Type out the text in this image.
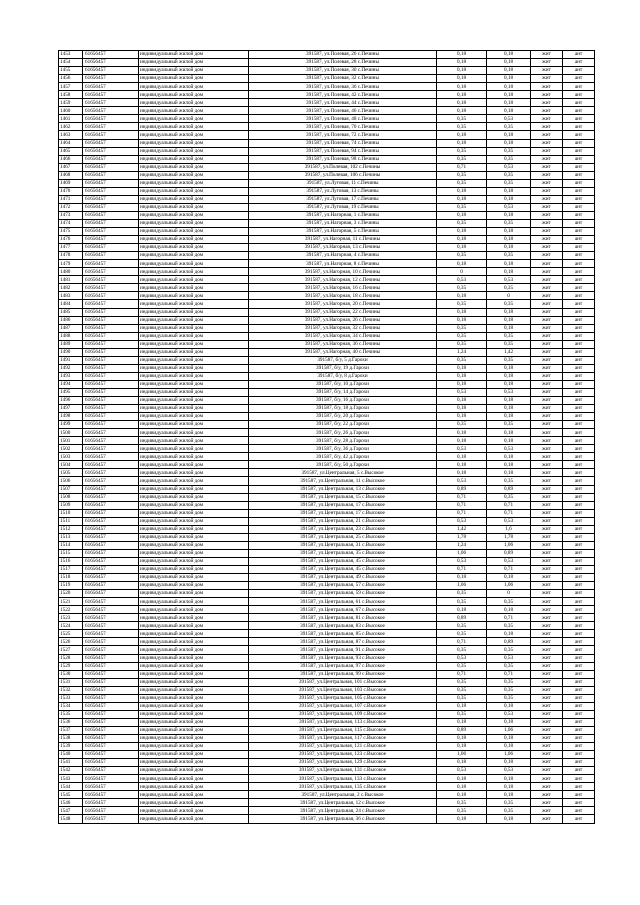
1453	61656457	индивидуальный жилой дом	391587, ул.Полевая, 26 с.Печины	0,18	0,18	жит	ант
1454	61656457	индивидуальный жилой дом	391587, ул.Полевая, 28 с.Печины	0,18	0,18	жит	ант
1455	61656457	индивидуальный жилой дом	391587, ул.Полевая, 30 с.Печины	0,18	0,18	жит	ант
1456	61656457	индивидуальный жилой дом	391587, ул.Полевая, 32 с.Печины	0,18	0,18	жит	ант
1457	61656457	индивидуальный жилой дом	391587, ул.Полевая, 36 с.Печины	0,18	0,18	жит	ант
1458	61656457	индивидуальный жилой дом	391587, ул.Полевая, 42 с.Печины	0,18	0,18	жит	ант
1459	61656457	индивидуальный жилой дом	391587, ул.Полевая, 44 с.Печины	0,18	0,18	жит	ант
1460	61656457	индивидуальный жилой дом	391587, ул.Полевая, 46 с.Печины	0,18	0,18	жит	ант
1461	61656457	индивидуальный жилой дом	391587, ул.Полевая, 48 с.Печины	0,35	0,53	жит	ант
1462	61656457	индивидуальный жилой дом	391587, ул.Полевая, 70 с.Печины	0,35	0,35	жит	ант
1463	61656457	индивидуальный жилой дом	391587, ул.Полевая, 72 с.Печины	0,18	0,18	жит	ант
1464	61656457	индивидуальный жилой дом	391587, ул.Полевая, 74 с.Печины	0,18	0,18	жит	ант
1465	61656457	индивидуальный жилой дом	391587, ул.Полевая, 94 с.Печины	0,35	0,35	жит	ант
1466	61656457	индивидуальный жилой дом	391587, ул.Полевая, 98 с.Печины	0,35	0,35	жит	ант
1467	61656457	индивидуальный жилой дом	391587, ул.Полевая, 102 с.Печины	0,71	0,53	жит	ант
1468	61656457	индивидуальный жилой дом	391587, ул.Полевая, 106 с.Печины	0,35	0,35	жит	ант
1469	61656457	индивидуальный жилой дом	391587, ул.Луговая, 11 с.Печины	0,35	0,35	жит	ант
1470	61656457	индивидуальный жилой дом	391587, ул.Луговая, 13 с.Печины	0,18	0,18	жит	ант
1471	61656457	индивидуальный жилой дом	391587, ул.Луговая, 17 с.Печины	0,18	0,18	жит	ант
1472	61656457	индивидуальный жилой дом	391587, ул.Луговая, 19 с.Печины	0,35	0,53	жит	ант
1473	61656457	индивидуальный жилой дом	391587, ул.Нагорная, 1 с.Печины	0,18	0,18	жит	ант
1474	61656457	индивидуальный жилой дом	391587, ул.Нагорная, 3 с.Печины	0,35	0,35	жит	ант
1475	61656457	индивидуальный жилой дом	391587, ул.Нагорная, 5 с.Печины	0,18	0,18	жит	ант
1476	61656457	индивидуальный жилой дом	391587, ул.Нагорная, 11 с.Печины	0,18	0,18	жит	ант
1477	61656457	индивидуальный жилой дом	391587, ул.Нагорная, 13 с.Печины	0,18	0,18	жит	ант
1478	61656457	индивидуальный жилой дом	391587, ул.Нагорная, 4 с.Печины	0,35	0,35	жит	ант
1479	61656457	индивидуальный жилой дом	391587, ул.Нагорная, 8 с.Печины	0,18	0,18	жит	ант
1480	61656457	индивидуальный жилой дом	391587, ул.Нагорная, 10 с.Печины	0	0,18	жит	ант
1481	61656457	индивидуальный жилой дом	391587, ул.Нагорная, 12 с.Печины	0,53	0,53	жит	ант
1482	61656457	индивидуальный жилой дом	391587, ул.Нагорная, 16 с.Печины	0,35	0,35	жит	ант
1483	61656457	индивидуальный жилой дом	391587, ул.Нагорная, 18 с.Печины	0,18	0	жит	ант
1484	61656457	индивидуальный жилой дом	391587, ул.Нагорная, 20 с.Печины	0,35	0,35	жит	ант
1485	61656457	индивидуальный жилой дом	391587, ул.Нагорная, 22 с.Печины	0,18	0,18	жит	ант
1486	61656457	индивидуальный жилой дом	391587, ул.Нагорная, 26 с.Печины	0,18	0,18	жит	ант
1487	61656457	индивидуальный жилой дом	391587, ул.Нагорная, 32 с.Печины	0,35	0,18	жит	ант
1488	61656457	индивидуальный жилой дом	391587, ул.Нагорная, 34 с.Печины	0,35	0,35	жит	ант
1489	61656457	индивидуальный жилой дом	391587, ул.Нагорная, 36 с.Печины	0,35	0,35	жит	ант
1490	61656457	индивидуальный жилой дом	391587, ул.Нагорная, 40 с.Печины	1,24	1,42	жит	ант
1491	61656457	индивидуальный жилой дом	391587, б/у, 5 д.Гарохи	0,35	0,35	жит	ант
1492	61656457	индивидуальный жилой дом	391587, б/у, 19 д.Гарохи	0,18	0,18	жит	ант
1493	61656457	индивидуальный жилой дом	391587, б/у, 8 д.Гарохи	0,18	0,18	жит	ант
1494	61656457	индивидуальный жилой дом	391587, б/у, 10 д.Гарохи	0,18	0,18	жит	ант
1495	61656457	индивидуальный жилой дом	391587, б/у, 14 д.Гарохи	0,53	0,53	жит	ант
1496	61656457	индивидуальный жилой дом	391587, б/у, 16 д.Гарохи	0,18	0,18	жит	ант
1497	61656457	индивидуальный жилой дом	391587, б/у, 18 д.Гарохи	0,18	0,18	жит	ант
1498	61656457	индивидуальный жилой дом	391587, б/у, 20 д.Гарохи	0,18	0,18	жит	ант
1499	61656457	индивидуальный жилой дом	391587, б/у, 22 д.Гарохи	0,35	0,35	жит	ант
1500	61656457	индивидуальный жилой дом	391587, б/у, 26 д.Гарохи	0,18	0,18	жит	ант
1501	61656457	индивидуальный жилой дом	391587, б/у, 28 д.Гарохи	0,18	0,18	жит	ант
1502	61656457	индивидуальный жилой дом	391587, б/у, 36 д.Гарохи	0,53	0,53	жит	ант
1503	61656457	индивидуальный жилой дом	391587, б/у, 42 д.Гарохи	0,18	0,18	жит	ант
1504	61656457	индивидуальный жилой дом	391587, б/у, 50 д.Гарохи	0,18	0,18	жит	ант
1505	61656457	индивидуальный жилой дом	391587, ул.Центральная, 5 с.Высокое	0,18	0,18	жит	ант
1506	61656457	индивидуальный жилой дом	391587, ул.Центральная, 11 с.Высокое	0,53	0,35	жит	ант
1507	61656457	индивидуальный жилой дом	391587, ул.Центральная, 13 с.Высокое	0,89	0,89	жит	ант
1508	61656457	индивидуальный жилой дом	391587, ул.Центральная, 15 с.Высокое	0,71	0,35	жит	ант
1509	61656457	индивидуальный жилой дом	391587, ул.Центральная, 17 с.Высокое	0,71	0,71	жит	ант
1510	61656457	индивидуальный жилой дом	391587, ул.Центральная, 17 с.Высокое	0,71	0,71	жит	ант
1511	61656457	индивидуальный жилой дом	391587, ул.Центральная, 21 с.Высокое	0,53	0,53	жит	ант
1512	61656457	индивидуальный жилой дом	391587, ул.Центральная, 23 с.Высокое	1,42	1,6	жит	ант
1513	61656457	индивидуальный жилой дом	391587, ул.Центральная, 25 с.Высокое	1,78	1,78	жит	ант
1514	61656457	индивидуальный жилой дом	391587, ул.Центральная, 31 с.Высокое	1,24	1,06	жит	ант
1515	61656457	индивидуальный жилой дом	391587, ул.Центральная, 35 с.Высокое	1,06	0,89	жит	ант
1516	61656457	индивидуальный жилой дом	391587, ул.Центральная, 45 с.Высокое	0,53	0,53	жит	ант
1517	61656457	индивидуальный жилой дом	391587, ул.Центральная, 45 с.Высокое	0,71	0,71	жит	ант
1518	61656457	индивидуальный жилой дом	391587, ул.Центральная, 49 с.Высокое	0,18	0,18	жит	ант
1519	61656457	индивидуальный жилой дом	391587, ул.Центральная, 57 с.Высокое	1,06	1,06	жит	ант
1520	61656457	индивидуальный жилой дом	391587, ул.Центральная, 59 с.Высокое	0,35	0	жит	ант
1521	61656457	индивидуальный жилой дом	391587, ул.Центральная, 61 с.Высокое	0,35	0,35	жит	ант
1522	61656457	индивидуальный жилой дом	391587, ул.Центральная, 67 с.Высокое	0,18	0,18	жит	ант
1523	61656457	индивидуальный жилой дом	391587, ул.Центральная, 81 с.Высокое	0,89	0,71	жит	ант
1524	61656457	индивидуальный жилой дом	391587, ул.Центральная, 83 с.Высокое	0,35	0,35	жит	ант
1525	61656457	индивидуальный жилой дом	391587, ул.Центральная, 85 с.Высокое	0,35	0,18	жит	ант
1526	61656457	индивидуальный жилой дом	391587, ул.Центральная, 87 с.Высокое	0,71	0,89	жит	ант
1527	61656457	индивидуальный жилой дом	391587, ул.Центральная, 91 с.Высокое	0,35	0,35	жит	ант
1528	61656457	индивидуальный жилой дом	391587, ул.Центральная, 93 с.Высокое	0,53	0,53	жит	ант
1529	61656457	индивидуальный жилой дом	391587, ул.Центральная, 97 с.Высокое	0,35	0,35	жит	ант
1530	61656457	индивидуальный жилой дом	391587, ул.Центральная, 99 с.Высокое	0,71	0,71	жит	ант
1531	61656457	индивидуальный жилой дом	391587, ул.Центральная, 101 с.Высокое	0,35	0,35	жит	ант
1532	61656457	индивидуальный жилой дом	391587, ул.Центральная, 103 с.Высокое	0,35	0,35	жит	ант
1533	61656457	индивидуальный жилой дом	391587, ул.Центральная, 105 с.Высокое	0,35	0,35	жит	ант
1534	61656457	индивидуальный жилой дом	391587, ул.Центральная, 107 с.Высокое	0,18	0,18	жит	ант
1535	61656457	индивидуальный жилой дом	391587, ул.Центральная, 109 с.Высокое	0,35	0,53	жит	ант
1536	61656457	индивидуальный жилой дом	391587, ул.Центральная, 113 с.Высокое	0,18	0,18	жит	ант
1537	61656457	индивидуальный жилой дом	391587, ул.Центральная, 115 с.Высокое	0,89	1,06	жит	ант
1538	61656457	индивидуальный жилой дом	391587, ул.Центральная, 117 с.Высокое	0,18	0,18	жит	ант
1539	61656457	индивидуальный жилой дом	391587, ул.Центральная, 121 с.Высокое	0,18	0,18	жит	ант
1540	61656457	индивидуальный жилой дом	391587, ул.Центральная, 123 с.Высокое	1,06	1,06	жит	ант
1541	61656457	индивидуальный жилой дом	391587, ул.Центральная, 129 с.Высокое	0,18	0,18	жит	ант
1542	61656457	индивидуальный жилой дом	391587, ул.Центральная, 131 с.Высокое	0,53	0,53	жит	ант
1543	61656457	индивидуальный жилой дом	391587, ул.Центральная, 133 с.Высокое	0,18	0,18	жит	ант
1544	61656457	индивидуальный жилой дом	391587, ул.Центральная, 135 с.Высокое	0,18	0,18	жит	ант
1545	61656457	индивидуальный жилой дом	391587, ул.Центральная, 2 с.Высокое	0,18	0,18	жит	ант
1546	61656457	индивидуальный жилой дом	391587, ул.Центральная, 12 с.Высокое	0,35	0,35	жит	ант
1547	61656457	индивидуальный жилой дом	391587, ул.Центральная, 24 с.Высокое	0,35	0,35	жит	ант
1548	61656457	индивидуальный жилой дом	391587, ул.Центральная, 36 с.Высокое	0,18	0,18	жит	ант
